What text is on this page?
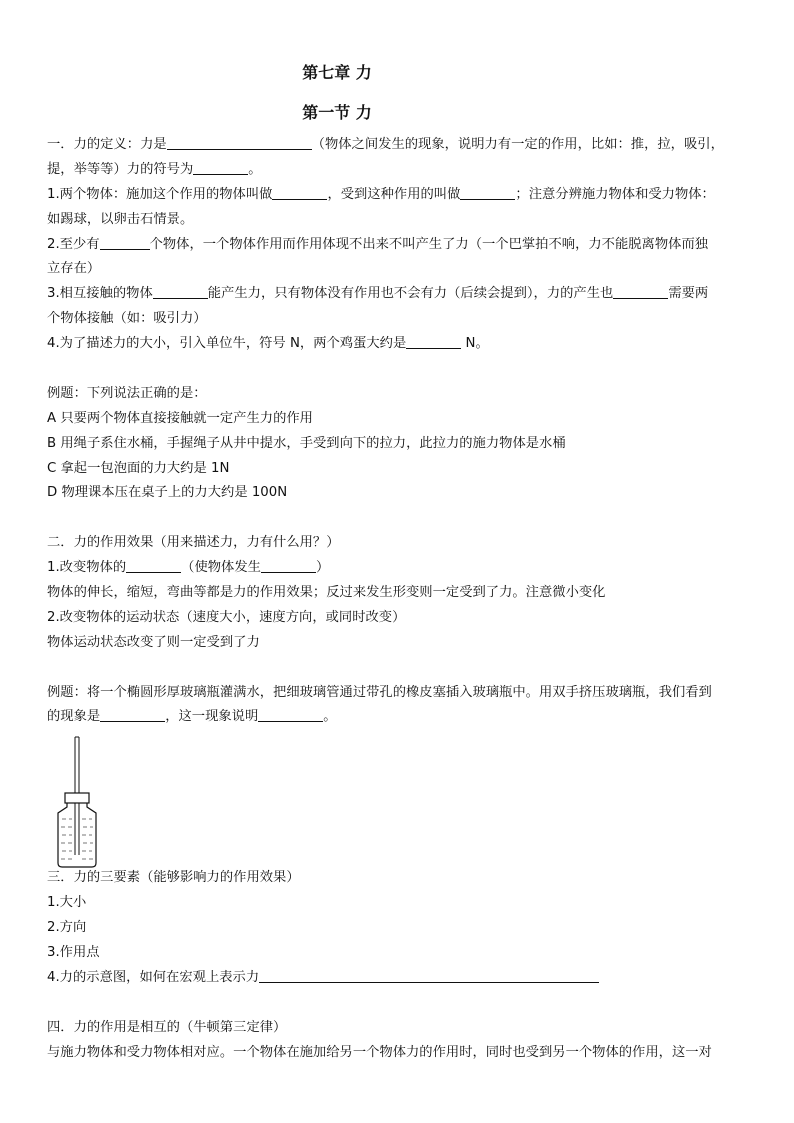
第七章 力
第一节 力
一．力的定义：力是	（物体之间发生的现象，说明力有一定的作用，比如：推，拉，吸引，
提，举等等）力的符号为	。
1.两个物体：施加这个作用的物体叫做	，受到这种作用的叫做	；注意分辨施力物体和受力物体：
如踢球，以卵击石情景。
2.至少有	个物体，一个物体作用而作用体现不出来不叫产生了力（一个巴掌拍不响，力不能脱离物体而独
立存在）
3.相互接触的物体	能产生力，只有物体没有作用也不会有力（后续会提到），力的产生也	需要两
个物体接触（如：吸引力）
4.为了描述力的大小，引入单位牛，符号 N，两个鸡蛋大约是	N。
例题：下列说法正确的是：
A 只要两个物体直接接触就一定产生力的作用
B 用绳子系住水桶，手握绳子从井中提水，手受到向下的拉力，此拉力的施力物体是水桶
C 拿起一包泡面的力大约是 1N
D 物理课本压在桌子上的力大约是 100N
二．力的作用效果（用来描述力，力有什么用？）
1.改变物体的	（使物体发生	）
物体的伸长，缩短，弯曲等都是力的作用效果；反过来发生形变则一定受到了力。注意微小变化
2.改变物体的运动状态（速度大小，速度方向，或同时改变）
物体运动状态改变了则一定受到了力
例题：将一个椭圆形厚玻璃瓶灌满水，把细玻璃管通过带孔的橡皮塞插入玻璃瓶中。用双手挤压玻璃瓶，我们看到
的现象是	，这一现象说明	。
三．力的三要素（能够影响力的作用效果）
1.大小
2.方向
3.作用点
4.力的示意图，如何在宏观上表示力
四．力的作用是相互的（牛顿第三定律）
与施力物体和受力物体相对应。一个物体在施加给另一个物体力的作用时，同时也受到另一个物体的作用，这一对
